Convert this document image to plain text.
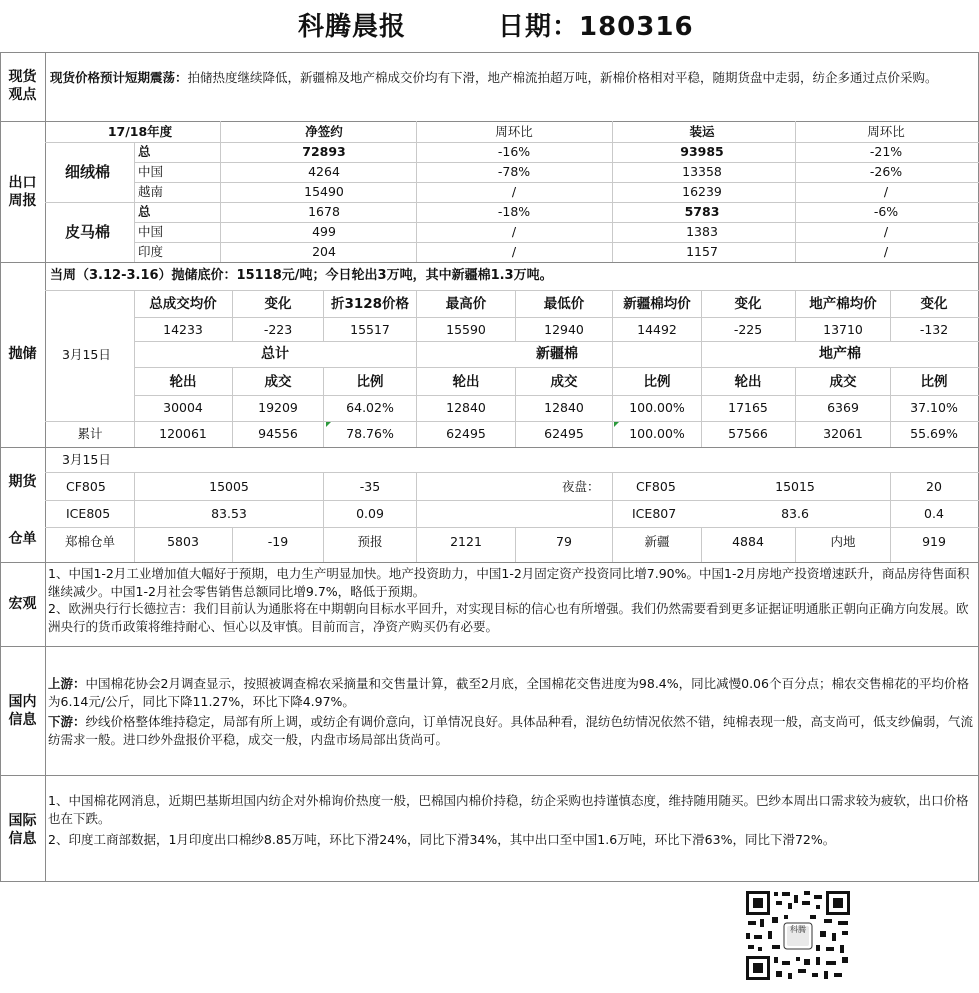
科腾晨报	日期：180316
现货观点
现货价格预计短期震荡：拍储热度继续降低，新疆棉及地产棉成交价均有下滑，地产棉流拍超万吨，新棉价格相对平稳，随期货盘中走弱，纺企多通过点价采购。
出口周报
17/18年度	净签约	周环比	装运	周环比
细绒棉
皮马棉
总	72893	-16%	93985	-21%
中国	4264	-78%	13358	-26%
越南	15490	/	16239	/
总	1678	-18%	5783	-6%
中国	499	/	1383	/
印度	204	/	1157	/
抛储
当周（3.12-3.16）抛储底价：15118元/吨；今日轮出3万吨，其中新疆棉1.3万吨。
3月15日
总成交均价	变化	折3128价格	最高价	最低价	新疆棉均价	变化	地产棉均价	变化
14233	-223	15517	15590	12940	14492	-225	13710	-132
总计	新疆棉	地产棉
轮出	成交	比例	轮出	成交	比例	轮出	成交	比例
30004	19209	64.02%	12840	12840	100.00%	17165	6369	37.10%
累计	120061	94556	78.76%	62495	62495	100.00%	57566	32061	55.69%
期货
仓单
3月15日
CF805	15005	-35	夜盘：	CF805	15015	20
ICE805	83.53	0.09	ICE807	83.6	0.4
郑棉仓单	5803	-19	预报	2121	79	新疆	4884	内地	919
宏观
1、中国1-2月工业增加值大幅好于预期，电力生产明显加快。地产投资助力，中国1-2月固定资产投资同比增7.90%。中国1-2月房地产投资增速跃升，商品房待售面积继续减少。中国1-2月社会零售销售总额同比增9.7%，略低于预期。
2、欧洲央行行长德拉吉：我们目前认为通胀将在中期朝向目标水平回升，对实现目标的信心也有所增强。我们仍然需要看到更多证据证明通胀正朝向正确方向发展。欧洲央行的货币政策将维持耐心、恒心以及审慎。目前而言，净资产购买仍有必要。
国内信息
上游：中国棉花协会2月调查显示，按照被调查棉农采摘量和交售量计算，截至2月底，全国棉花交售进度为98.4%，同比减慢0.06个百分点；棉农交售棉花的平均价格为6.14元/公斤，同比下降11.27%，环比下降4.97%。
下游：纱线价格整体维持稳定，局部有所上调，或纺企有调价意向，订单情况良好。具体品种看，混纺色纺情况依然不错，纯棉表现一般，高支尚可，低支纱偏弱，气流纺需求一般。进口纱外盘报价平稳，成交一般，内盘市场局部出货尚可。
国际信息
1、中国棉花网消息，近期巴基斯坦国内纺企对外棉询价热度一般，巴棉国内棉价持稳，纺企采购也持谨慎态度，维持随用随买。巴纱本周出口需求较为疲软，出口价格也在下跌。
2、印度工商部数据，1月印度出口棉纱8.85万吨，环比下滑24%，同比下滑34%，其中出口至中国1.6万吨，环比下滑63%，同比下滑72%。
科腾
